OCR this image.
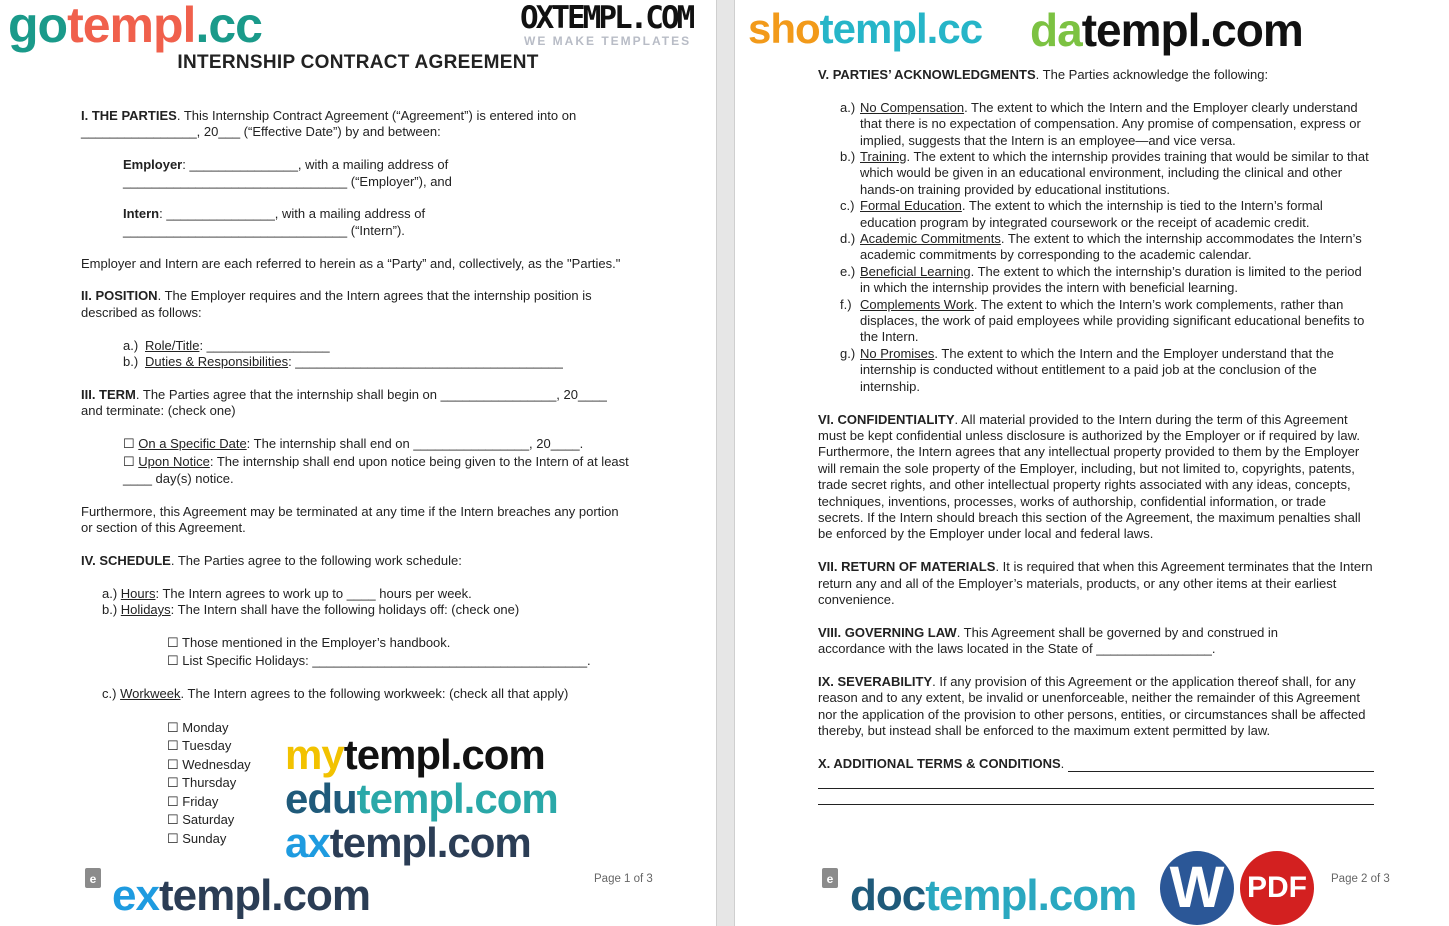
INTERNSHIP CONTRACT AGREEMENT
I. THE PARTIES. This Internship Contract Agreement (“Agreement”) is entered into on ________________, 20___ (“Effective Date”) by and between:
Employer: _______________, with a mailing address of
_______________________________ (“Employer”), and
Intern: _______________, with a mailing address of
_______________________________ (“Intern”).
Employer and Intern are each referred to herein as a “Party” and, collectively, as the "Parties."
II. POSITION. The Employer requires and the Intern agrees that the internship position is described as follows:
a.) Role/Title: _________________
b.) Duties & Responsibilities: _____________________________________
III. TERM. The Parties agree that the internship shall begin on ________________, 20____ and terminate: (check one)
☐ On a Specific Date: The internship shall end on ________________, 20____.
☐ Upon Notice: The internship shall end upon notice being given to the Intern of at least ____ day(s) notice.
Furthermore, this Agreement may be terminated at any time if the Intern breaches any portion or section of this Agreement.
IV. SCHEDULE. The Parties agree to the following work schedule:
a.) Hours: The Intern agrees to work up to ____ hours per week.
b.) Holidays: The Intern shall have the following holidays off: (check one)
☐ Those mentioned in the Employer’s handbook.
☐ List Specific Holidays: ______________________________________.
c.) Workweek. The Intern agrees to the following workweek: (check all that apply)
☐ Monday
☐ Tuesday
☐ Wednesday
☐ Thursday
☐ Friday
☐ Saturday
☐ Sunday
e	Page 1 of 3
V. PARTIES’ ACKNOWLEDGMENTS. The Parties acknowledge the following:
a.) No Compensation. The extent to which the Intern and the Employer clearly understand that there is no expectation of compensation. Any promise of compensation, express or implied, suggests that the Intern is an employee—and vice versa.
b.) Training. The extent to which the internship provides training that would be similar to that which would be given in an educational environment, including the clinical and other hands-on training provided by educational institutions.
c.) Formal Education. The extent to which the internship is tied to the Intern’s formal education program by integrated coursework or the receipt of academic credit.
d.) Academic Commitments. The extent to which the internship accommodates the Intern’s academic commitments by corresponding to the academic calendar.
e.) Beneficial Learning. The extent to which the internship’s duration is limited to the period in which the internship provides the intern with beneficial learning.
f.) Complements Work. The extent to which the Intern’s work complements, rather than displaces, the work of paid employees while providing significant educational benefits to the Intern.
g.) No Promises. The extent to which the Intern and the Employer understand that the internship is conducted without entitlement to a paid job at the conclusion of the internship.
VI. CONFIDENTIALITY. All material provided to the Intern during the term of this Agreement must be kept confidential unless disclosure is authorized by the Employer or if required by law. Furthermore, the Intern agrees that any intellectual property provided to them by the Employer will remain the sole property of the Employer, including, but not limited to, copyrights, patents, trade secret rights, and other intellectual property rights associated with any ideas, concepts, techniques, inventions, processes, works of authorship, confidential information, or trade secrets. If the Intern should breach this section of the Agreement, the maximum penalties shall be enforced by the Employer under local and federal laws.
VII. RETURN OF MATERIALS. It is required that when this Agreement terminates that the Intern return any and all of the Employer’s materials, products, or any other items at their earliest convenience.
VIII. GOVERNING LAW. This Agreement shall be governed by and construed in accordance with the laws located in the State of ________________.
IX. SEVERABILITY. If any provision of this Agreement or the application thereof shall, for any reason and to any extent, be invalid or unenforceable, neither the remainder of this Agreement nor the application of the provision to other persons, entities, or circumstances shall be affected thereby, but instead shall be enforced to the maximum extent permitted by law.
X. ADDITIONAL TERMS & CONDITIONS .
e	Page 2 of 3
gotempl.cc	OXTEMPL.COM
WE MAKE TEMPLATES
mytempl.com
edutempl.com
axtempl.com
extempl.com
shotempl.cc datempl.com
doctempl.com W PDF
